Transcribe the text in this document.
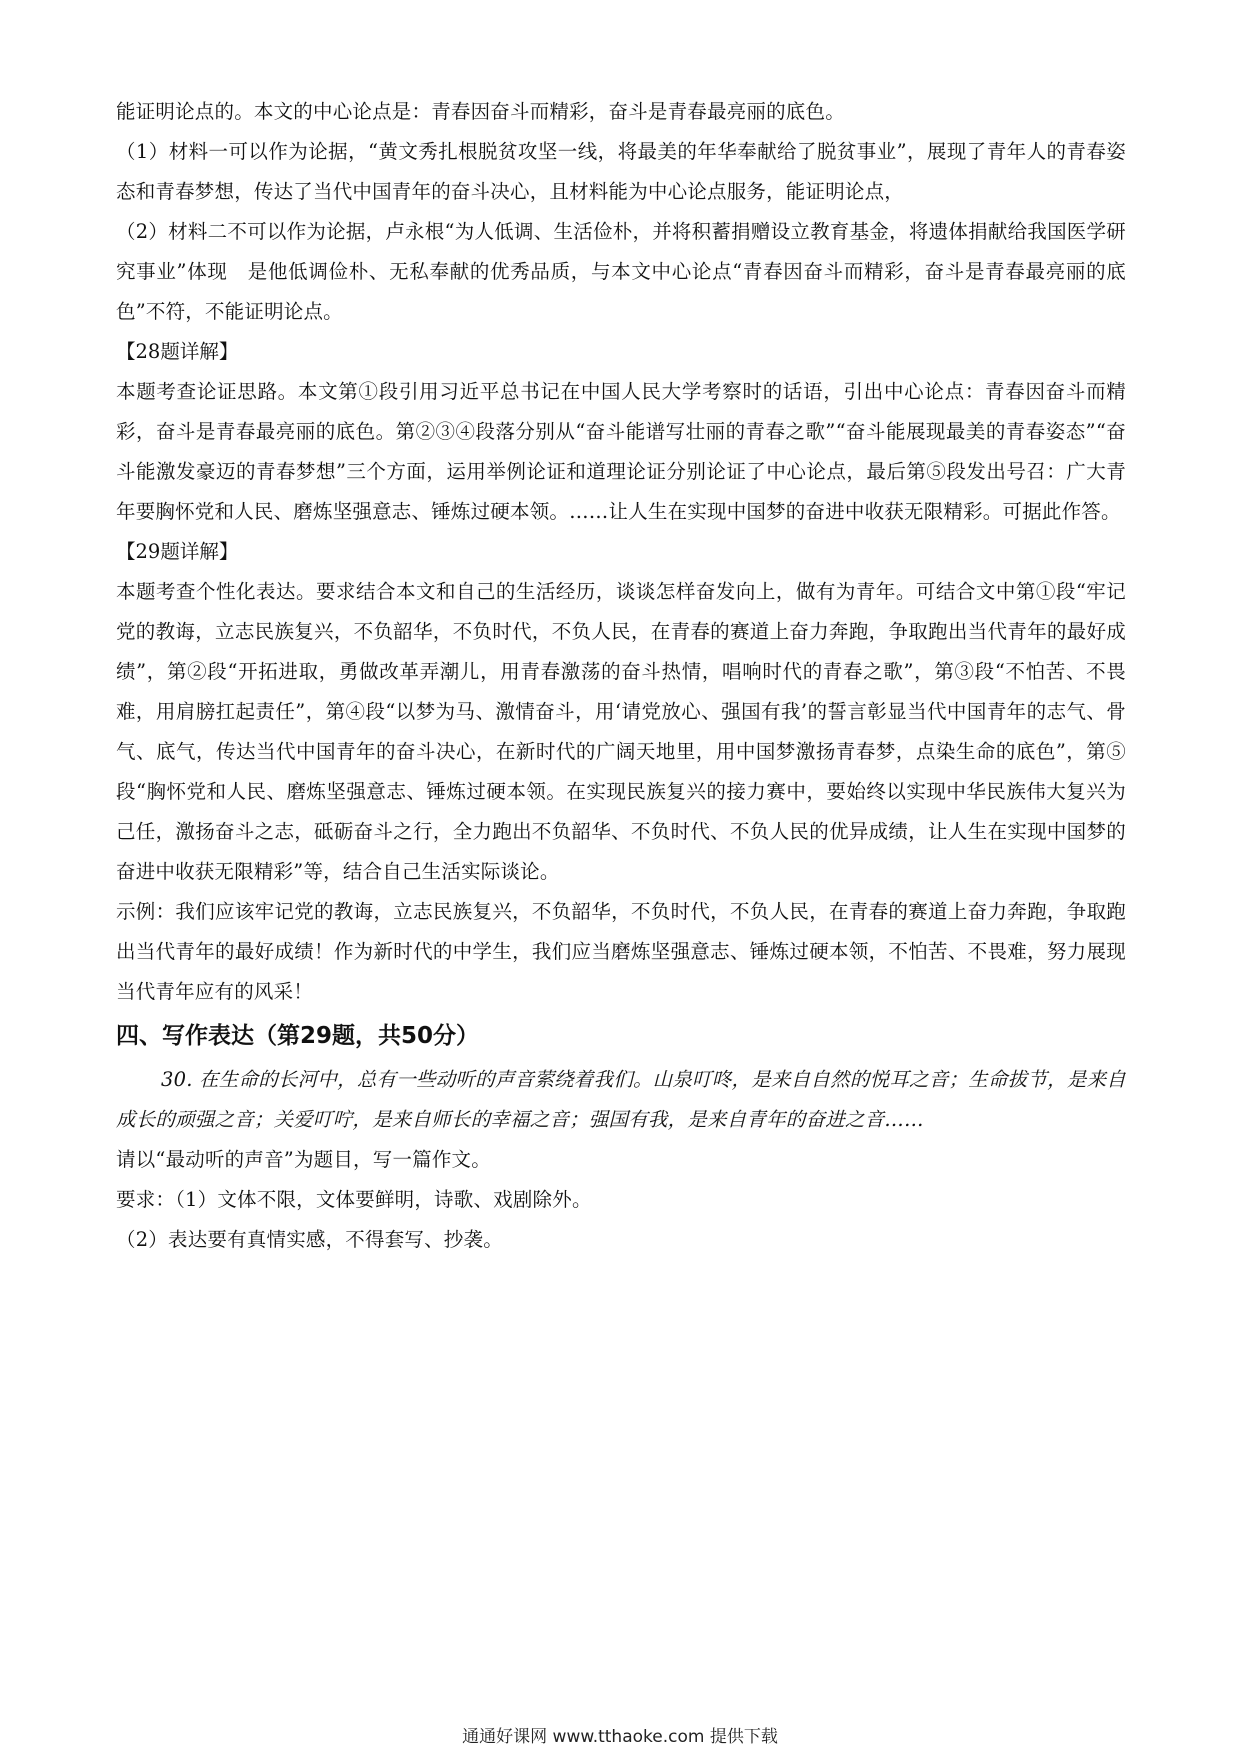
能证明论点的。本文的中心论点是：青春因奋斗而精彩，奋斗是青春最亮丽的底色。

（1）材料一可以作为论据，“黄文秀扎根脱贫攻坚一线，将最美的年华奉献给了脱贫事业”，展现了青年人的青春姿态和青春梦想，传达了当代中国青年的奋斗决心，且材料能为中心论点服务，能证明论点，

（2）材料二不可以作为论据，卢永根“为人低调、生活俭朴，并将积蓄捐赠设立教育基金，将遗体捐献给我国医学研究事业”体现　是他低调俭朴、无私奉献的优秀品质，与本文中心论点“青春因奋斗而精彩，奋斗是青春最亮丽的底色”不符，不能证明论点。

【28题详解】

本题考查论证思路。本文第①段引用习近平总书记在中国人民大学考察时的话语，引出中心论点：青春因奋斗而精彩，奋斗是青春最亮丽的底色。第②③④段落分别从“奋斗能谱写壮丽的青春之歌”“奋斗能展现最美的青春姿态”“奋斗能激发豪迈的青春梦想”三个方面，运用举例论证和道理论证分别论证了中心论点，最后第⑤段发出号召：广大青年要胸怀党和人民、磨炼坚强意志、锤炼过硬本领。……让人生在实现中国梦的奋进中收获无限精彩。可据此作答。

【29题详解】

本题考查个性化表达。要求结合本文和自己的生活经历，谈谈怎样奋发向上，做有为青年。可结合文中第①段“牢记党的教诲，立志民族复兴，不负韶华，不负时代，不负人民，在青春的赛道上奋力奔跑，争取跑出当代青年的最好成绩”，第②段“开拓进取，勇做改革弄潮儿，用青春激荡的奋斗热情，唱响时代的青春之歌”，第③段“不怕苦、不畏难，用肩膀扛起责任”，第④段“以梦为马、激情奋斗，用‘请党放心、强国有我’的誓言彰显当代中国青年的志气、骨气、底气，传达当代中国青年的奋斗决心，在新时代的广阔天地里，用中国梦激扬青春梦，点染生命的底色”，第⑤段“胸怀党和人民、磨炼坚强意志、锤炼过硬本领。在实现民族复兴的接力赛中，要始终以实现中华民族伟大复兴为己任，激扬奋斗之志，砥砺奋斗之行，全力跑出不负韶华、不负时代、不负人民的优异成绩，让人生在实现中国梦的奋进中收获无限精彩”等，结合自己生活实际谈论。

示例：我们应该牢记党的教诲，立志民族复兴，不负韶华，不负时代，不负人民，在青春的赛道上奋力奔跑，争取跑出当代青年的最好成绩！作为新时代的中学生，我们应当磨炼坚强意志、锤炼过硬本领，不怕苦、不畏难，努力展现当代青年应有的风采！

四、写作表达（第29题，共50分）

30. 在生命的长河中，总有一些动听的声音萦绕着我们。山泉叮咚，是来自自然的悦耳之音；生命拔节，是来自成长的顽强之音；关爱叮咛，是来自师长的幸福之音；强国有我，是来自青年的奋进之音……

请以“最动听的声音”为题目，写一篇作文。

要求：（1）文体不限，文体要鲜明，诗歌、戏剧除外。

（2）表达要有真情实感，不得套写、抄袭。

通通好课网 www.tthaoke.com 提供下载
